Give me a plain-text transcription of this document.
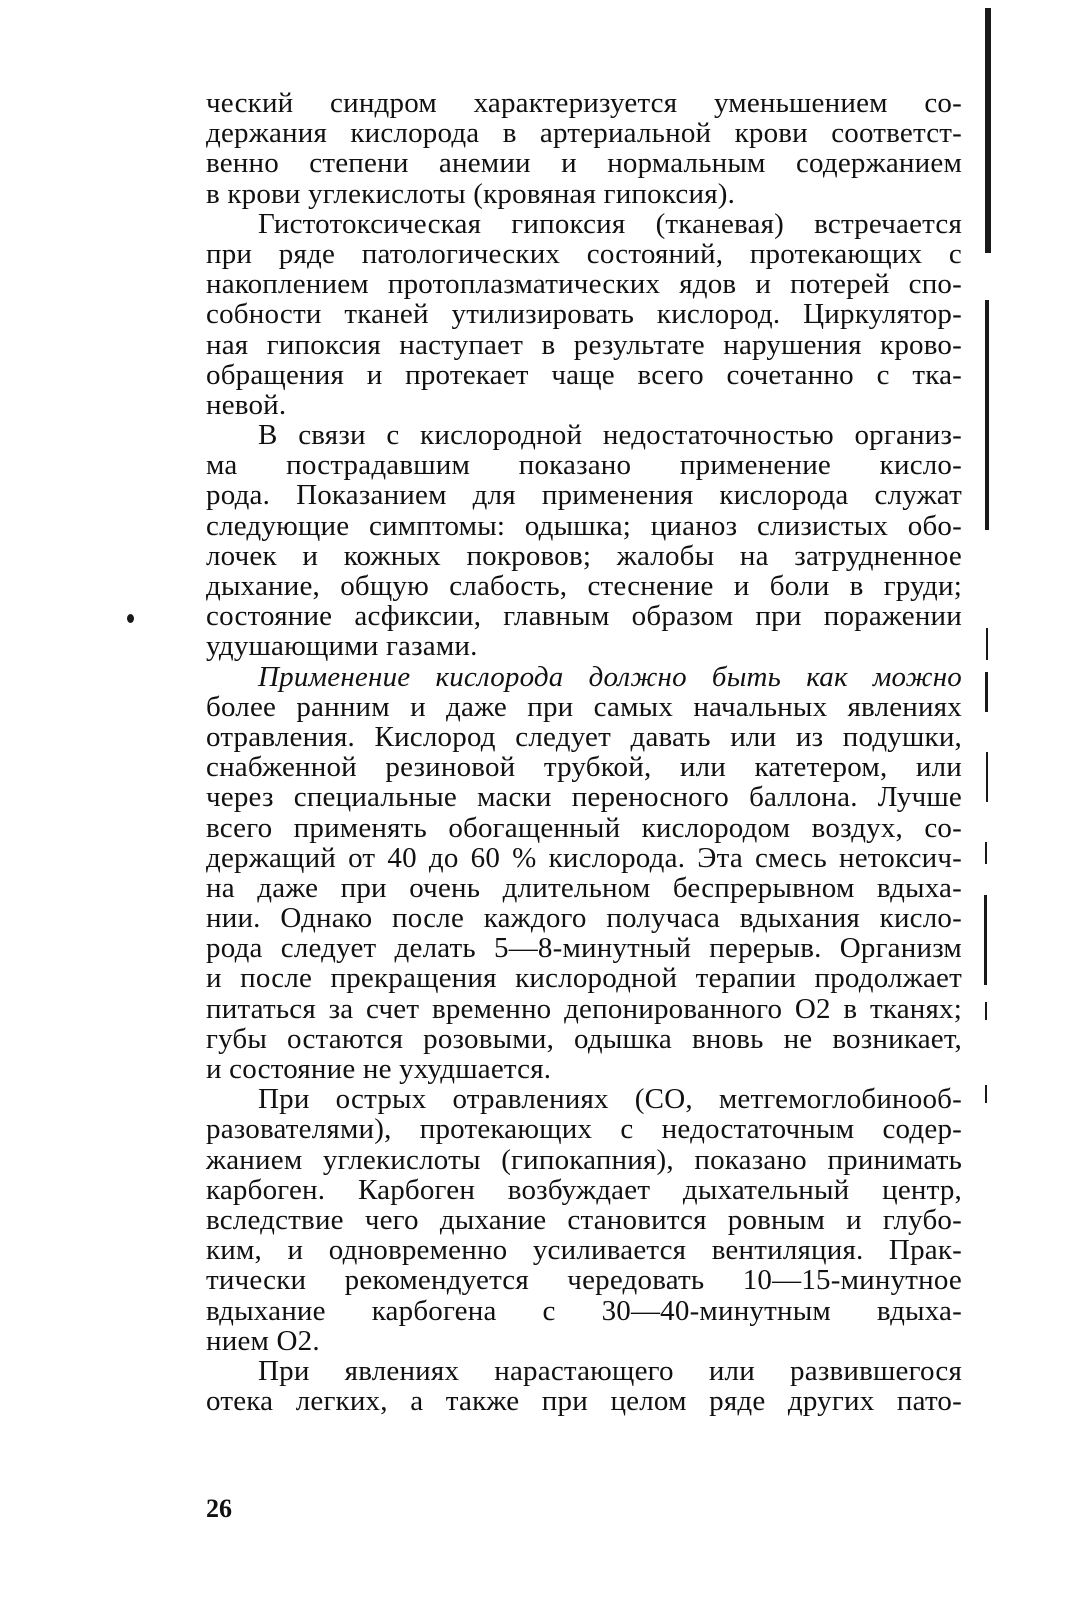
ческий синдром характеризуется уменьшением со-
держания кислорода в артериальной крови соответст-
венно степени анемии и нормальным содержанием
в крови углекислоты (кровяная гипоксия).
Гистотоксическая гипоксия (тканевая) встречается
при ряде патологических состояний, протекающих с
накоплением протоплазматических ядов и потерей спо-
собности тканей утилизировать кислород. Циркулятор-
ная гипоксия наступает в результате нарушения крово-
обращения и протекает чаще всего сочетанно с тка-
невой.
В связи с кислородной недостаточностью организ-
ма пострадавшим показано применение кисло-
рода. Показанием для применения кислорода служат
следующие симптомы: одышка; цианоз слизистых обо-
лочек и кожных покровов; жалобы на затрудненное
дыхание, общую слабость, стеснение и боли в груди;
состояние асфиксии, главным образом при поражении
удушающими газами.
Применение кислорода должно быть как можно
более ранним и даже при самых начальных явлениях
отравления. Кислород следует давать или из подушки,
снабженной резиновой трубкой, или катетером, или
через специальные маски переносного баллона. Лучше
всего применять обогащенный кислородом воздух, со-
держащий от 40 до 60 % кислорода. Эта смесь нетоксич-
на даже при очень длительном беспрерывном вдыха-
нии. Однако после каждого получаса вдыхания кисло-
рода следует делать 5—8-минутный перерыв. Организм
и после прекращения кислородной терапии продолжает
питаться за счет временно депонированного O2 в тканях;
губы остаются розовыми, одышка вновь не возникает,
и состояние не ухудшается.
При острых отравлениях (СО, метгемоглобинооб-
разователями), протекающих с недостаточным содер-
жанием углекислоты (гипокапния), показано принимать
карбоген. Карбоген возбуждает дыхательный центр,
вследствие чего дыхание становится ровным и глубо-
ким, и одновременно усиливается вентиляция. Прак-
тически рекомендуется чередовать 10—15-минутное
вдыхание карбогена с 30—40-минутным вдыха-
нием O2.
При явлениях нарастающего или развившегося
отека легких, а также при целом ряде других пато-
26
